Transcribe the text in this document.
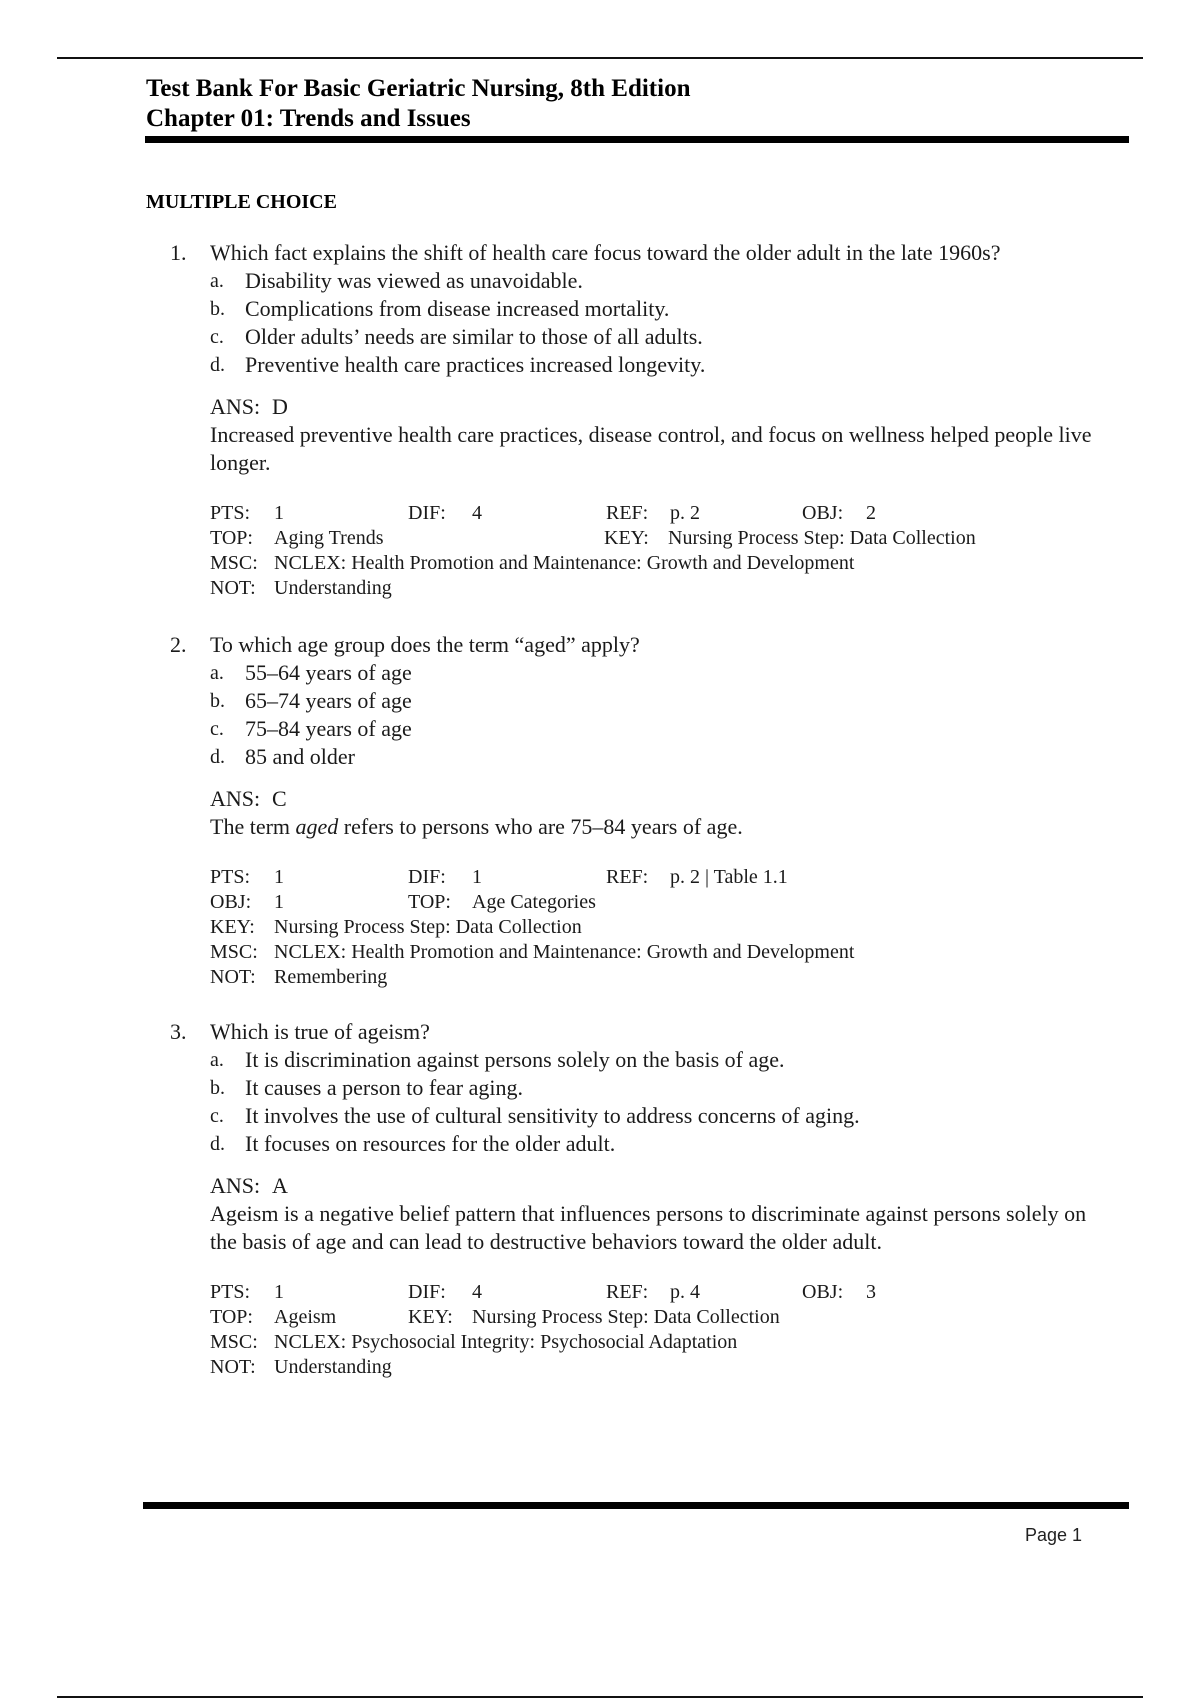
Test Bank For Basic Geriatric Nursing, 8th Edition
Chapter 01: Trends and Issues
MULTIPLE CHOICE
1.	Which fact explains the shift of health care focus toward the older adult in the late 1960s?
a. Disability was viewed as unavoidable.
b. Complications from disease increased mortality.
c. Older adults’ needs are similar to those of all adults.
d. Preventive health care practices increased longevity.
ANS: D
Increased preventive health care practices, disease control, and focus on wellness helped people live longer.
PTS:	1	DIF:	4	REF:	p. 2	OBJ:	2
TOP:	Aging Trends	KEY: Nursing Process Step: Data Collection
MSC: NCLEX: Health Promotion and Maintenance: Growth and Development
NOT: Understanding
2.	To which age group does the term “aged” apply?
a. 55–64 years of age
b. 65–74 years of age
c. 75–84 years of age
d. 85 and older
ANS: C
The term aged refers to persons who are 75–84 years of age.
PTS:	1	DIF:	1	REF:	p. 2 | Table 1.1
OBJ:	1	TOP:	Age Categories
KEY: Nursing Process Step: Data Collection
MSC: NCLEX: Health Promotion and Maintenance: Growth and Development
NOT: Remembering
3.	Which is true of ageism?
a. It is discrimination against persons solely on the basis of age.
b. It causes a person to fear aging.
c. It involves the use of cultural sensitivity to address concerns of aging.
d. It focuses on resources for the older adult.
ANS: A
Ageism is a negative belief pattern that influences persons to discriminate against persons solely on the basis of age and can lead to destructive behaviors toward the older adult.
PTS:	1	DIF:	4	REF:	p. 4	OBJ:	3
TOP:	Ageism	KEY: Nursing Process Step: Data Collection
MSC: NCLEX: Psychosocial Integrity: Psychosocial Adaptation
NOT: Understanding
Page 1
